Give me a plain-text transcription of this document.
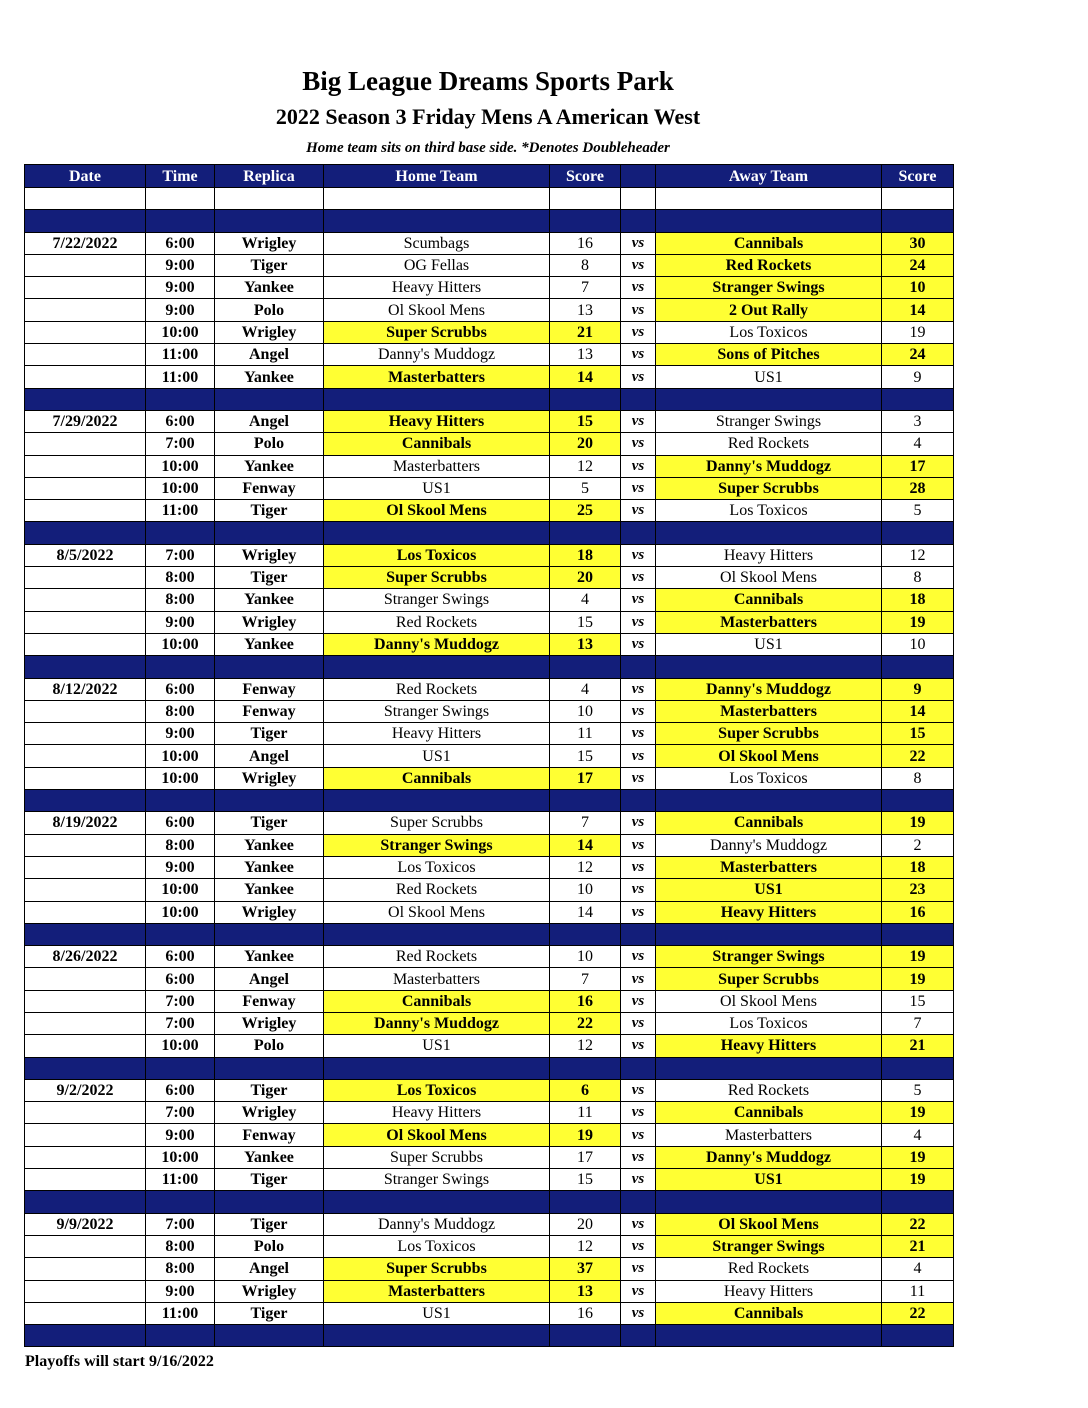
Big League Dreams Sports Park
2022 Season 3 Friday Mens A American West
Home team sits on third base side. *Denotes Doubleheader
Date	Time	Replica	Home Team	Score		Away Team	Score

7/22/2022	6:00	Wrigley	Scumbags	16	vs	Cannibals	30
	9:00	Tiger	OG Fellas	8	vs	Red Rockets	24
	9:00	Yankee	Heavy Hitters	7	vs	Stranger Swings	10
	9:00	Polo	Ol Skool Mens	13	vs	2 Out Rally	14
	10:00	Wrigley	Super Scrubbs	21	vs	Los Toxicos	19
	11:00	Angel	Danny's Muddogz	13	vs	Sons of Pitches	24
	11:00	Yankee	Masterbatters	14	vs	US1	9

7/29/2022	6:00	Angel	Heavy Hitters	15	vs	Stranger Swings	3
	7:00	Polo	Cannibals	20	vs	Red Rockets	4
	10:00	Yankee	Masterbatters	12	vs	Danny's Muddogz	17
	10:00	Fenway	US1	5	vs	Super Scrubbs	28
	11:00	Tiger	Ol Skool Mens	25	vs	Los Toxicos	5

8/5/2022	7:00	Wrigley	Los Toxicos	18	vs	Heavy Hitters	12
	8:00	Tiger	Super Scrubbs	20	vs	Ol Skool Mens	8
	8:00	Yankee	Stranger Swings	4	vs	Cannibals	18
	9:00	Wrigley	Red Rockets	15	vs	Masterbatters	19
	10:00	Yankee	Danny's Muddogz	13	vs	US1	10

8/12/2022	6:00	Fenway	Red Rockets	4	vs	Danny's Muddogz	9
	8:00	Fenway	Stranger Swings	10	vs	Masterbatters	14
	9:00	Tiger	Heavy Hitters	11	vs	Super Scrubbs	15
	10:00	Angel	US1	15	vs	Ol Skool Mens	22
	10:00	Wrigley	Cannibals	17	vs	Los Toxicos	8

8/19/2022	6:00	Tiger	Super Scrubbs	7	vs	Cannibals	19
	8:00	Yankee	Stranger Swings	14	vs	Danny's Muddogz	2
	9:00	Yankee	Los Toxicos	12	vs	Masterbatters	18
	10:00	Yankee	Red Rockets	10	vs	US1	23
	10:00	Wrigley	Ol Skool Mens	14	vs	Heavy Hitters	16

8/26/2022	6:00	Yankee	Red Rockets	10	vs	Stranger Swings	19
	6:00	Angel	Masterbatters	7	vs	Super Scrubbs	19
	7:00	Fenway	Cannibals	16	vs	Ol Skool Mens	15
	7:00	Wrigley	Danny's Muddogz	22	vs	Los Toxicos	7
	10:00	Polo	US1	12	vs	Heavy Hitters	21

9/2/2022	6:00	Tiger	Los Toxicos	6	vs	Red Rockets	5
	7:00	Wrigley	Heavy Hitters	11	vs	Cannibals	19
	9:00	Fenway	Ol Skool Mens	19	vs	Masterbatters	4
	10:00	Yankee	Super Scrubbs	17	vs	Danny's Muddogz	19
	11:00	Tiger	Stranger Swings	15	vs	US1	19

9/9/2022	7:00	Tiger	Danny's Muddogz	20	vs	Ol Skool Mens	22
	8:00	Polo	Los Toxicos	12	vs	Stranger Swings	21
	8:00	Angel	Super Scrubbs	37	vs	Red Rockets	4
	9:00	Wrigley	Masterbatters	13	vs	Heavy Hitters	11
	11:00	Tiger	US1	16	vs	Cannibals	22

Playoffs will start 9/16/2022
